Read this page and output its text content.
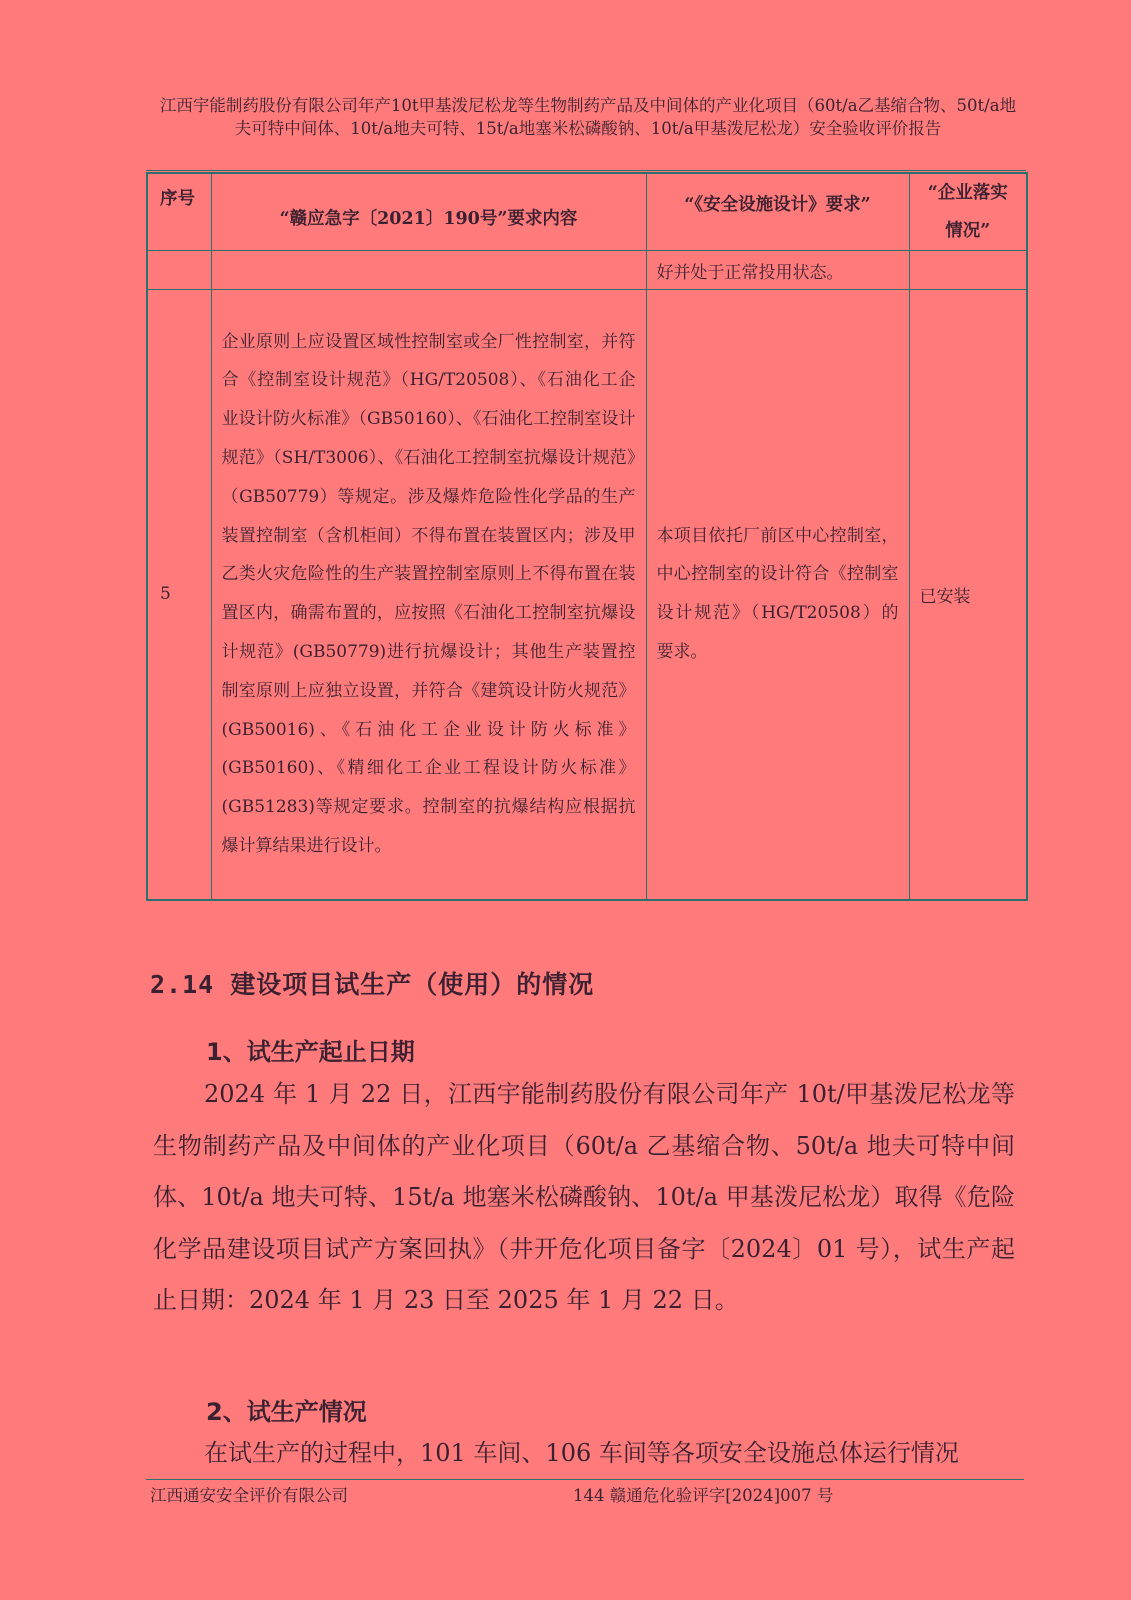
江西宇能制药股份有限公司年产10t甲基泼尼松龙等生物制药产品及中间体的产业化项目（60t/a乙基缩合物、50t/a地夫可特中间体、10t/a地夫可特、15t/a地塞米松磷酸钠、10t/a甲基泼尼松龙）安全验收评价报告
序号	“赣应急字〔2021〕190号”要求内容	“《安全设施设计》要求”	“企业落实情况”
		好并处于正常投用状态。	
5	企业原则上应设置区域性控制室或全厂性控制室，并符合《控制室设计规范》（HG/T20508）、《石油化工企业设计防火标准》（GB50160）、《石油化工控制室设计规范》（SH/T3006）、《石油化工控制室抗爆设计规范》（GB50779）等规定。涉及爆炸危险性化学品的生产装置控制室（含机柜间）不得布置在装置区内；涉及甲乙类火灾危险性的生产装置控制室原则上不得布置在装置区内，确需布置的，应按照《石油化工控制室抗爆设计规范》(GB50779)进行抗爆设计；其他生产装置控制室原则上应独立设置，并符合《建筑设计防火规范》(GB50016)、《石油化工企业设计防火标准》(GB50160)、《精细化工企业工程设计防火标准》(GB51283)等规定要求。控制室的抗爆结构应根据抗爆计算结果进行设计。	本项目依托厂前区中心控制室，中心控制室的设计符合《控制室设计规范》（HG/T20508）的要求。	已安装
2.14 建设项目试生产（使用）的情况
1、试生产起止日期
2024 年 1 月 22 日，江西宇能制药股份有限公司年产 10t/甲基泼尼松龙等生物制药产品及中间体的产业化项目（60t/a 乙基缩合物、50t/a 地夫可特中间体、10t/a 地夫可特、15t/a 地塞米松磷酸钠、10t/a 甲基泼尼松龙）取得《危险化学品建设项目试产方案回执》（井开危化项目备字〔2024〕01 号），试生产起止日期：2024 年 1 月 23 日至 2025 年 1 月 22 日。
2、试生产情况
在试生产的过程中，101 车间、106 车间等各项安全设施总体运行情况
江西通安安全评价有限公司	144 赣通危化验评字[2024]007 号
